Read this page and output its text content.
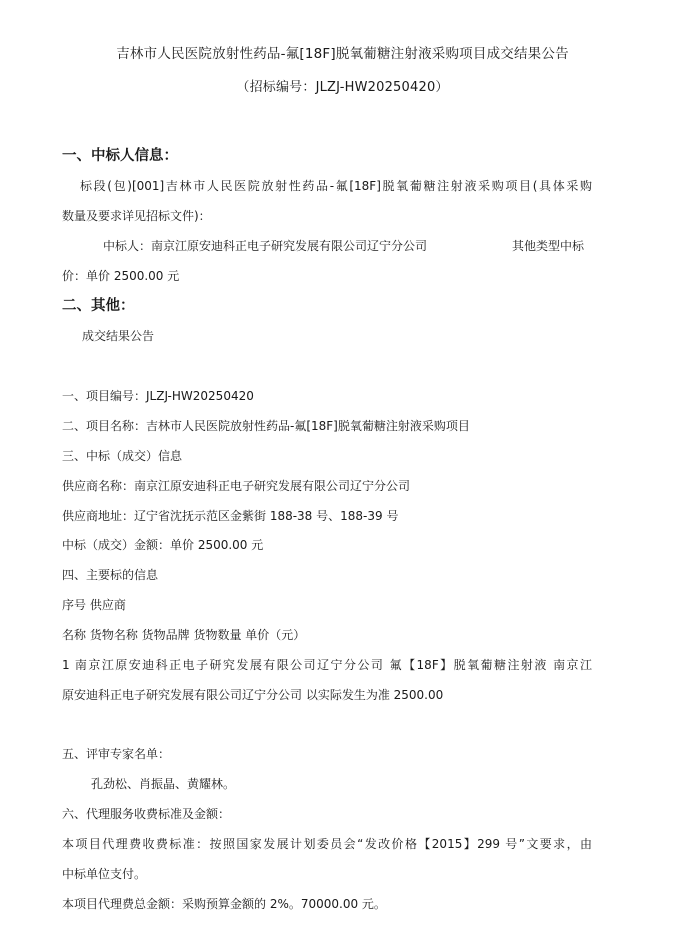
吉林市人民医院放射性药品-氟[18F]脱氧葡糖注射液采购项目成交结果公告
（招标编号：JLZJ-HW20250420）
一、中标人信息：
标段(包)[001]吉林市人民医院放射性药品-氟[18F]脱氧葡糖注射液采购项目(具体采购
数量及要求详见招标文件)：
中标人：南京江原安迪科正电子研究发展有限公司辽宁分公司	其他类型中标
价：单价 2500.00 元
二、其他：
成交结果公告
一、项目编号：JLZJ-HW20250420
二、项目名称：吉林市人民医院放射性药品-氟[18F]脱氧葡糖注射液采购项目
三、中标（成交）信息
供应商名称：南京江原安迪科正电子研究发展有限公司辽宁分公司
供应商地址：辽宁省沈抚示范区金紫街 188-38 号、188-39 号
中标（成交）金额：单价 2500.00 元
四、主要标的信息
序号 供应商
名称 货物名称 货物品牌 货物数量 单价（元）
1 南京江原安迪科正电子研究发展有限公司辽宁分公司 氟【18F】脱氧葡糖注射液 南京江
原安迪科正电子研究发展有限公司辽宁分公司 以实际发生为准 2500.00
五、评审专家名单：
孔劲松、肖振晶、黄耀林。
六、代理服务收费标准及金额：
本项目代理费收费标准：按照国家发展计划委员会“发改价格【2015】299 号”文要求，由
中标单位支付。
本项目代理费总金额：采购预算金额的 2%。70000.00 元。
